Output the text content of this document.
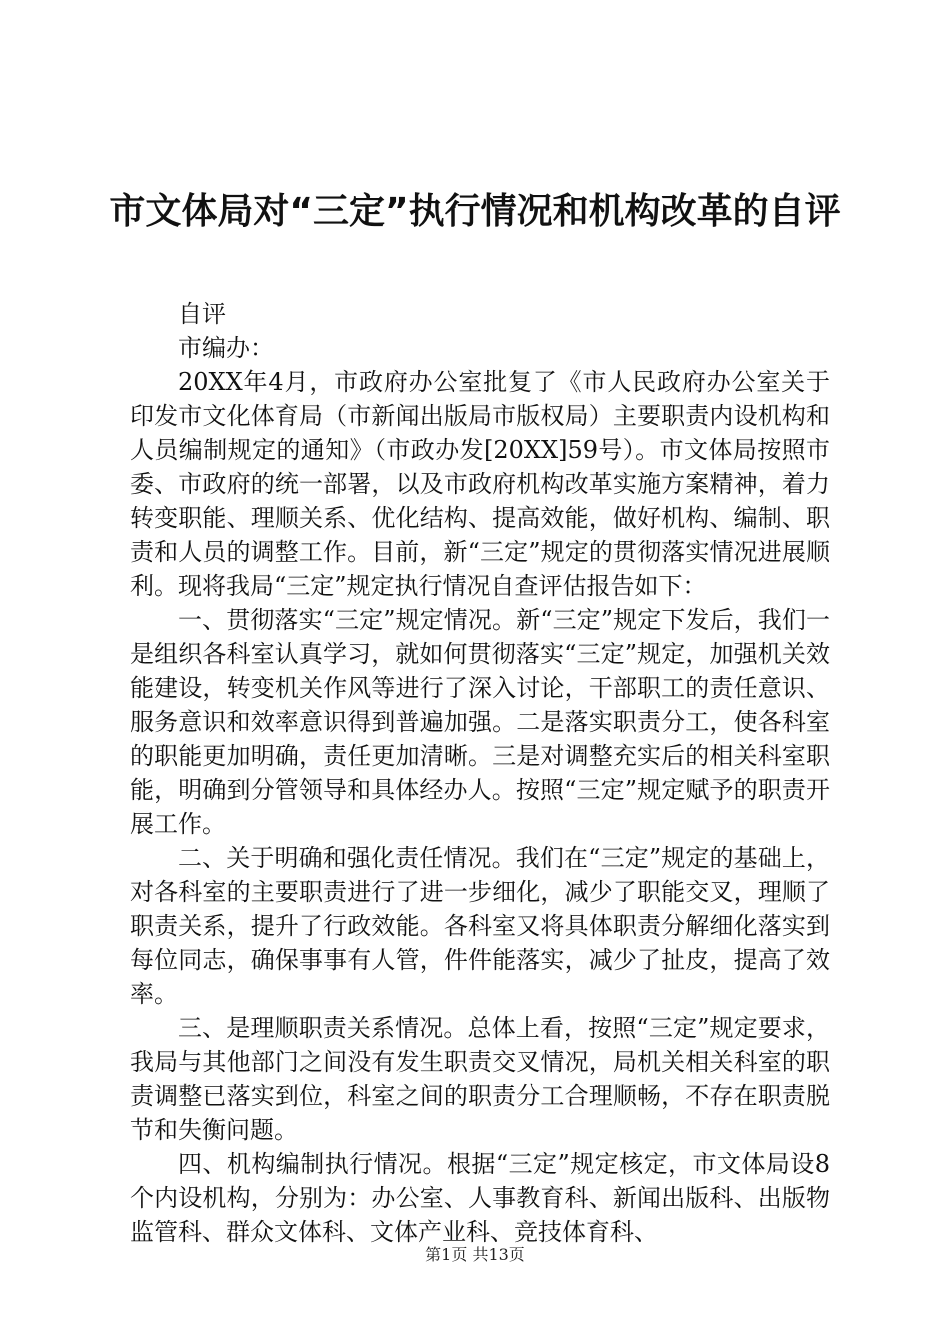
市文体局对“三定”执行情况和机构改革的自评

自评

市编办：

20XX年4月，市政府办公室批复了《市人民政府办公室关于印发市文化体育局（市新闻出版局市版权局）主要职责内设机构和人员编制规定的通知》（市政办发[20XX]59号）。市文体局按照市委、市政府的统一部署，以及市政府机构改革实施方案精神，着力转变职能、理顺关系、优化结构、提高效能，做好机构、编制、职责和人员的调整工作。目前，新“三定”规定的贯彻落实情况进展顺利。现将我局“三定”规定执行情况自查评估报告如下：

一、贯彻落实“三定”规定情况。新“三定”规定下发后，我们一是组织各科室认真学习，就如何贯彻落实“三定”规定，加强机关效能建设，转变机关作风等进行了深入讨论，干部职工的责任意识、服务意识和效率意识得到普遍加强。二是落实职责分工，使各科室的职能更加明确，责任更加清晰。三是对调整充实后的相关科室职能，明确到分管领导和具体经办人。按照“三定”规定赋予的职责开展工作。

二、关于明确和强化责任情况。我们在“三定”规定的基础上，对各科室的主要职责进行了进一步细化，减少了职能交叉，理顺了职责关系，提升了行政效能。各科室又将具体职责分解细化落实到每位同志，确保事事有人管，件件能落实，减少了扯皮，提高了效率。

三、是理顺职责关系情况。总体上看，按照“三定”规定要求，我局与其他部门之间没有发生职责交叉情况，局机关相关科室的职责调整已落实到位，科室之间的职责分工合理顺畅，不存在职责脱节和失衡问题。

四、机构编制执行情况。根据“三定”规定核定，市文体局设8个内设机构，分别为：办公室、人事教育科、新闻出版科、出版物监管科、群众文体科、文体产业科、竞技体育科、

第1页 共13页
